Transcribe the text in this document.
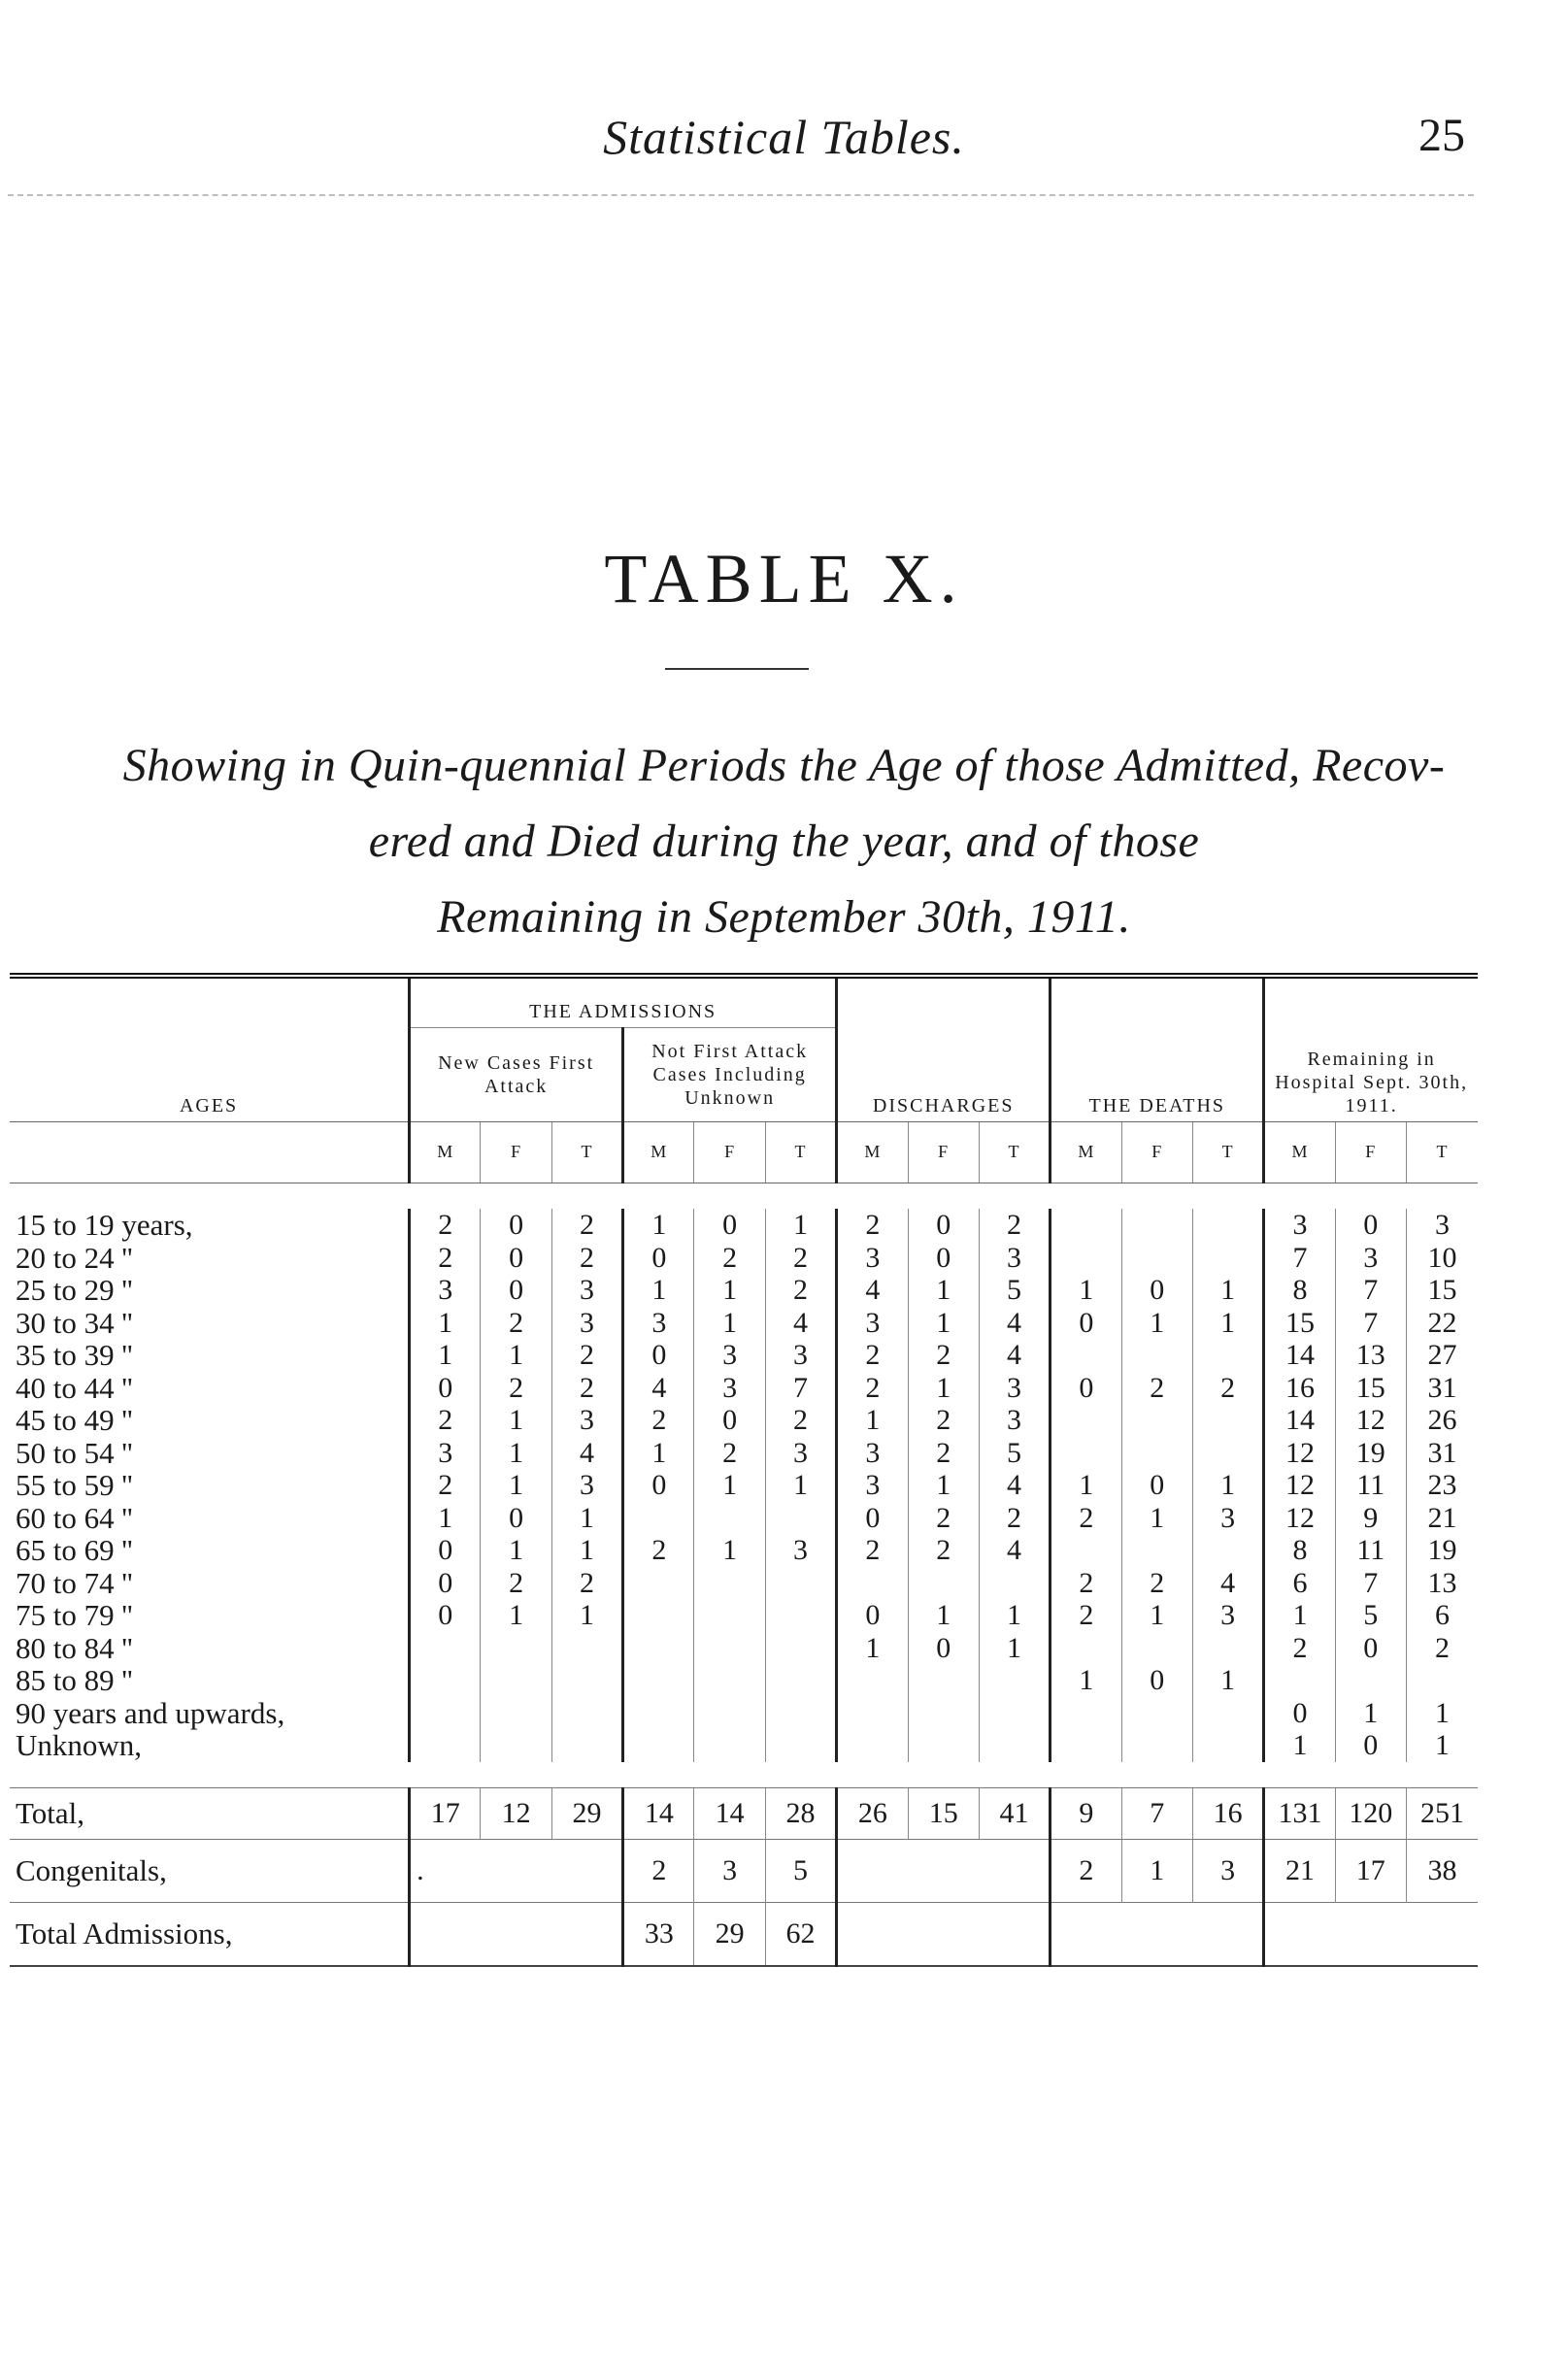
Statistical Tables.	25
TABLE X.
Showing in Quin-quennial Periods the Age of those Admitted, Recov-
ered and Died during the year, and of those
Remaining in September 30th, 1911.
AGES	THE ADMISSIONS						DISCHARGES			THE DEATHS			Remaining in Hospital Sept. 30th, 1911.		
	New Cases First Attack			Not First Attack Cases Including Unknown											
	M	F	T	M	F	T	M	F	T	M	F	T	M	F	T

15 to 19 years,	2	0	2	1	0	1	2	0	2				3	0	3
20 to 24 ''	2	0	2	0	2	2	3	0	3				7	3	10
25 to 29 ''	3	0	3	1	1	2	4	1	5	1	0	1	8	7	15
30 to 34 ''	1	2	3	3	1	4	3	1	4	0	1	1	15	7	22
35 to 39 ''	1	1	2	0	3	3	2	2	4				14	13	27
40 to 44 ''	0	2	2	4	3	7	2	1	3	0	2	2	16	15	31
45 to 49 ''	2	1	3	2	0	2	1	2	3				14	12	26
50 to 54 ''	3	1	4	1	2	3	3	2	5				12	19	31
55 to 59 ''	2	1	3	0	1	1	3	1	4	1	0	1	12	11	23
60 to 64 ''	1	0	1				0	2	2	2	1	3	12	9	21
65 to 69 ''	0	1	1	2	1	3	2	2	4				8	11	19
70 to 74 ''	0	2	2							2	2	4	6	7	13
75 to 79 ''	0	1	1				0	1	1	2	1	3	1	5	6
80 to 84 ''							1	0	1				2	0	2
85 to 89 ''										1	0	1			
90 years and upwards,													0	1	1
Unknown,													1	0	1

Total,	17	12	29	14	14	28	26	15	41	9	7	16	131	120	251
Congenitals,	.			2	3	5				2	1	3	21	17	38
Total Admissions,				33	29	62									
